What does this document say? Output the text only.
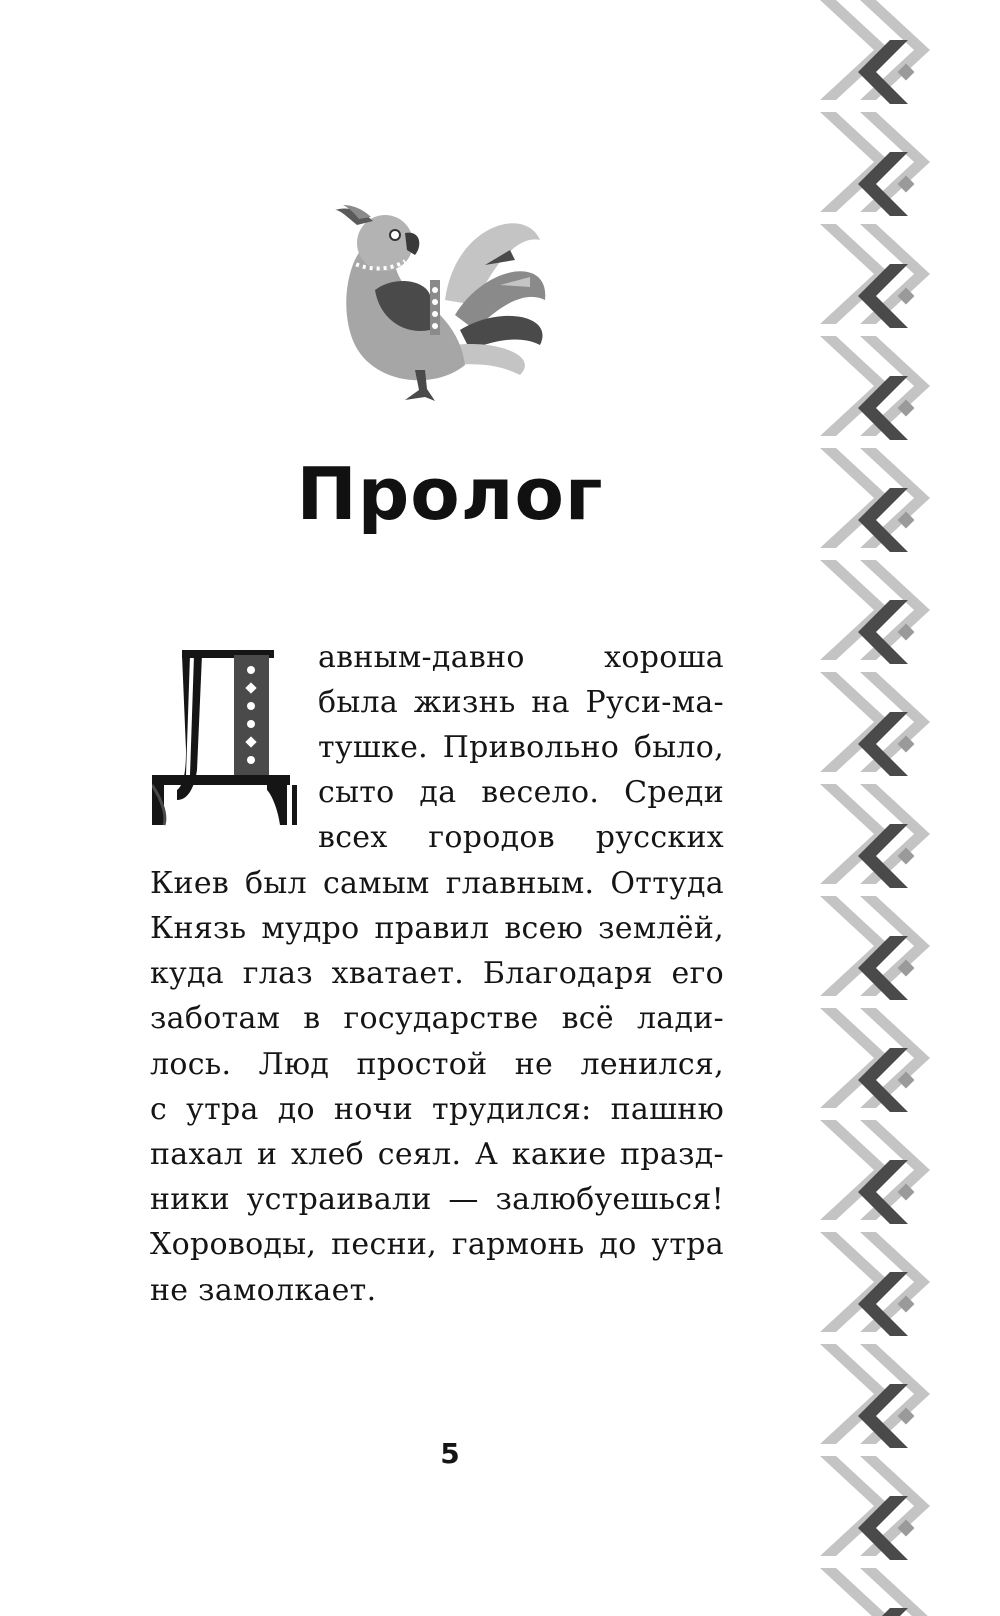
Пролог
авным-давно хороша
была жизнь на Руси-ма-
тушке. Привольно было,
сыто да весело. Среди
всех городов русских
Киев был самым главным. Оттуда
Князь мудро правил всею землёй,
куда глаз хватает. Благодаря его
заботам в государстве всё лади-
лось. Люд простой не ленился,
с утра до ночи трудился: пашню
пахал и хлеб сеял. А какие празд-
ники устраивали — залюбуешься!
Хороводы, песни, гармонь до утра
не замолкает.
5
